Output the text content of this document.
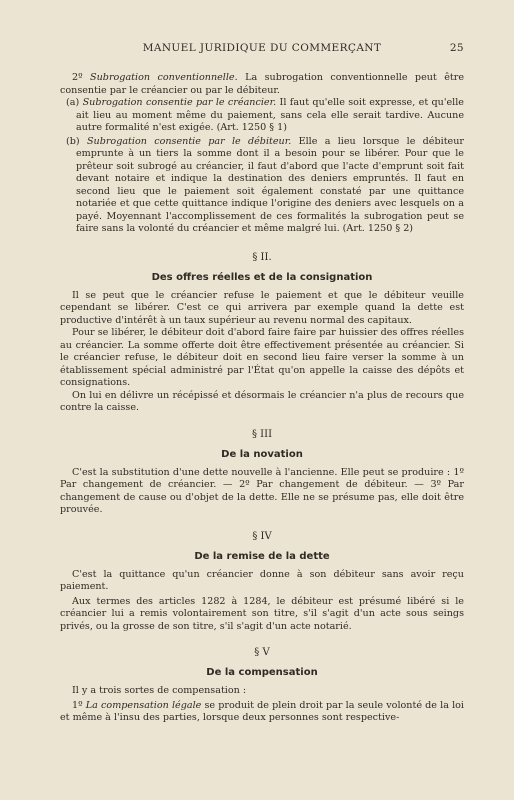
MANUEL JURIDIQUE DU COMMERÇANT	25

2º Subrogation conventionnelle. La subrogation conventionnelle peut être consentie par le créancier ou par le débiteur.

(a) Subrogation consentie par le créancier. Il faut qu'elle soit expresse, et qu'elle ait lieu au moment même du paiement, sans cela elle serait tardive. Aucune autre formalité n'est exigée. (Art. 1250 § 1)
(b) Subrogation consentie par le débiteur. Elle a lieu lorsque le débiteur emprunte à un tiers la somme dont il a besoin pour se libérer. Pour que le prêteur soit subrogé au créancier, il faut d'abord que l'acte d'emprunt soit fait devant notaire et indique la destination des deniers empruntés. Il faut en second lieu que le paiement soit également constaté par une quittance notariée et que cette quittance indique l'origine des deniers avec lesquels on a payé. Moyennant l'accomplissement de ces formalités la subrogation peut se faire sans la volonté du créancier et même malgré lui. (Art. 1250 § 2)
§ II.
Des offres réelles et de la consignation

Il se peut que le créancier refuse le paiement et que le débiteur veuille cependant se libérer. C'est ce qui arrivera par exemple quand la dette est productive d'intérêt à un taux supérieur au revenu normal des capitaux.

Pour se libérer, le débiteur doit d'abord faire faire par huissier des offres réelles au créancier. La somme offerte doit être effectivement présentée au créancier. Si le créancier refuse, le débiteur doit en second lieu faire verser la somme à un établissement spécial administré par l'État qu'on appelle la caisse des dépôts et consignations.

On lui en délivre un récépissé et désormais le créancier n'a plus de recours que contre la caisse.

§ III
De la novation

C'est la substitution d'une dette nouvelle à l'ancienne. Elle peut se produire : 1º Par changement de créancier. — 2º Par changement de débiteur. — 3º Par changement de cause ou d'objet de la dette. Elle ne se présume pas, elle doit être prouvée.

§ IV
De la remise de la dette

C'est la quittance qu'un créancier donne à son débiteur sans avoir reçu paiement.

Aux termes des articles 1282 à 1284, le débiteur est présumé libéré si le créancier lui a remis volontairement son titre, s'il s'agit d'un acte sous seings privés, ou la grosse de son titre, s'il s'agit d'un acte notarié.

§ V
De la compensation

Il y a trois sortes de compensation :

1º La compensation légale se produit de plein droit par la seule volonté de la loi et même à l'insu des parties, lorsque deux personnes sont respective-
